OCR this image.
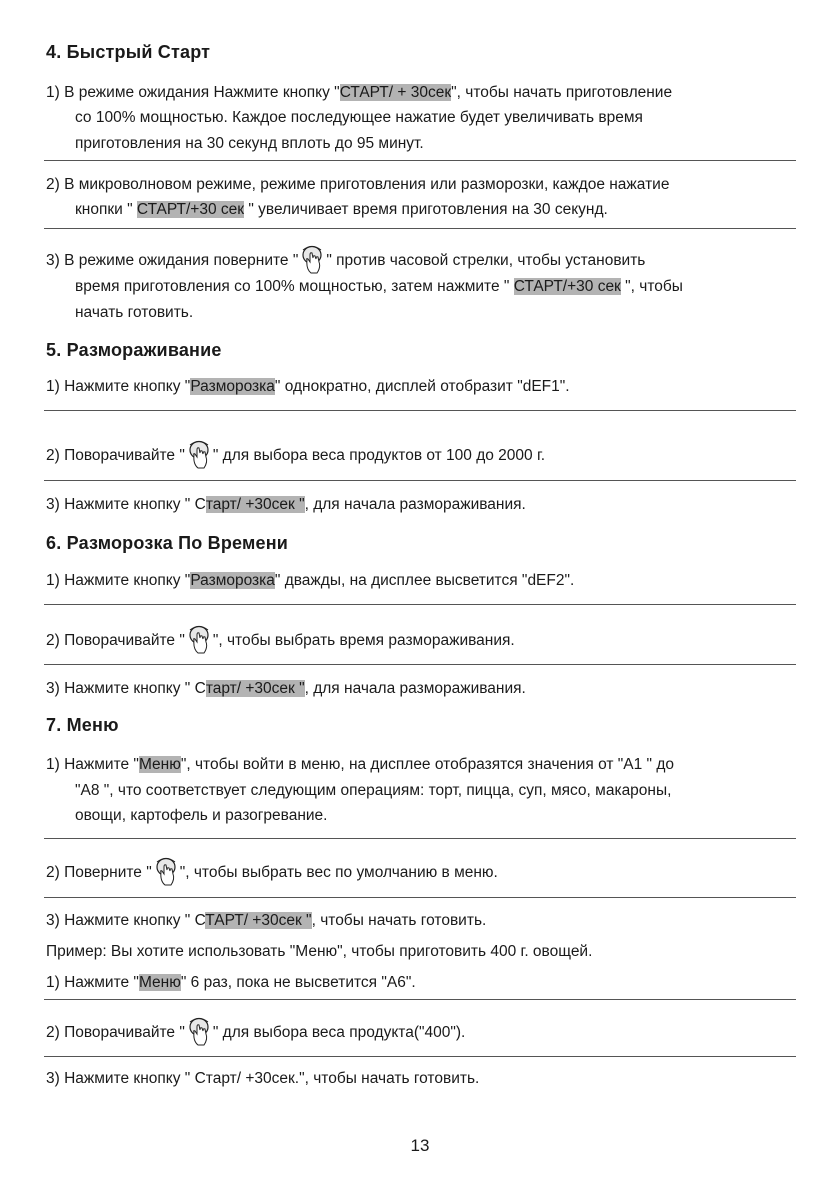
4. Быстрый Старт
1) В режиме ожидания Нажмите кнопку "СТАРТ/ + 30сек", чтобы начать приготовление
со 100% мощностью. Каждое последующее нажатие будет увеличивать время
приготовления на 30 секунд вплоть до 95 минут.
2) В микроволновом режиме, режиме приготовления или разморозки, каждое нажатие
кнопки " СТАРТ/+30 сек " увеличивает время приготовления на 30 секунд.
3) В режиме ожидания поверните " " против часовой стрелки, чтобы установить
время приготовления со 100% мощностью, затем нажмите " СТАРТ/+30 сек ", чтобы
начать готовить.
5. Размораживание
1) Нажмите кнопку "Разморозка" однократно, дисплей отобразит "dEF1".
2) Поворачивайте " " для выбора веса продуктов от 100 до 2000 г.
3) Нажмите кнопку " Старт/ +30сек ", для начала размораживания.
6. Разморозка По Времени
1) Нажмите кнопку "Разморозка" дважды, на дисплее высветится "dEF2".
2) Поворачивайте " ", чтобы выбрать время размораживания.
3) Нажмите кнопку " Старт/ +30сек ", для начала размораживания.
7. Меню
1) Нажмите "Меню", чтобы войти в меню, на дисплее отобразятся значения от "А1 " до
"А8 ", что соответствует следующим операциям: торт, пицца, суп, мясо, макароны,
овощи, картофель и разогревание.
2) Поверните " ", чтобы выбрать вес по умолчанию в меню.
3) Нажмите кнопку " СТАРТ/ +30сек ", чтобы начать готовить.
Пример: Вы хотите использовать "Меню", чтобы приготовить 400 г. овощей.
1) Нажмите "Меню" 6 раз, пока не высветится "А6".
2) Поворачивайте " " для выбора веса продукта("400").
3) Нажмите кнопку " Старт/ +30сек.", чтобы начать готовить.
13
